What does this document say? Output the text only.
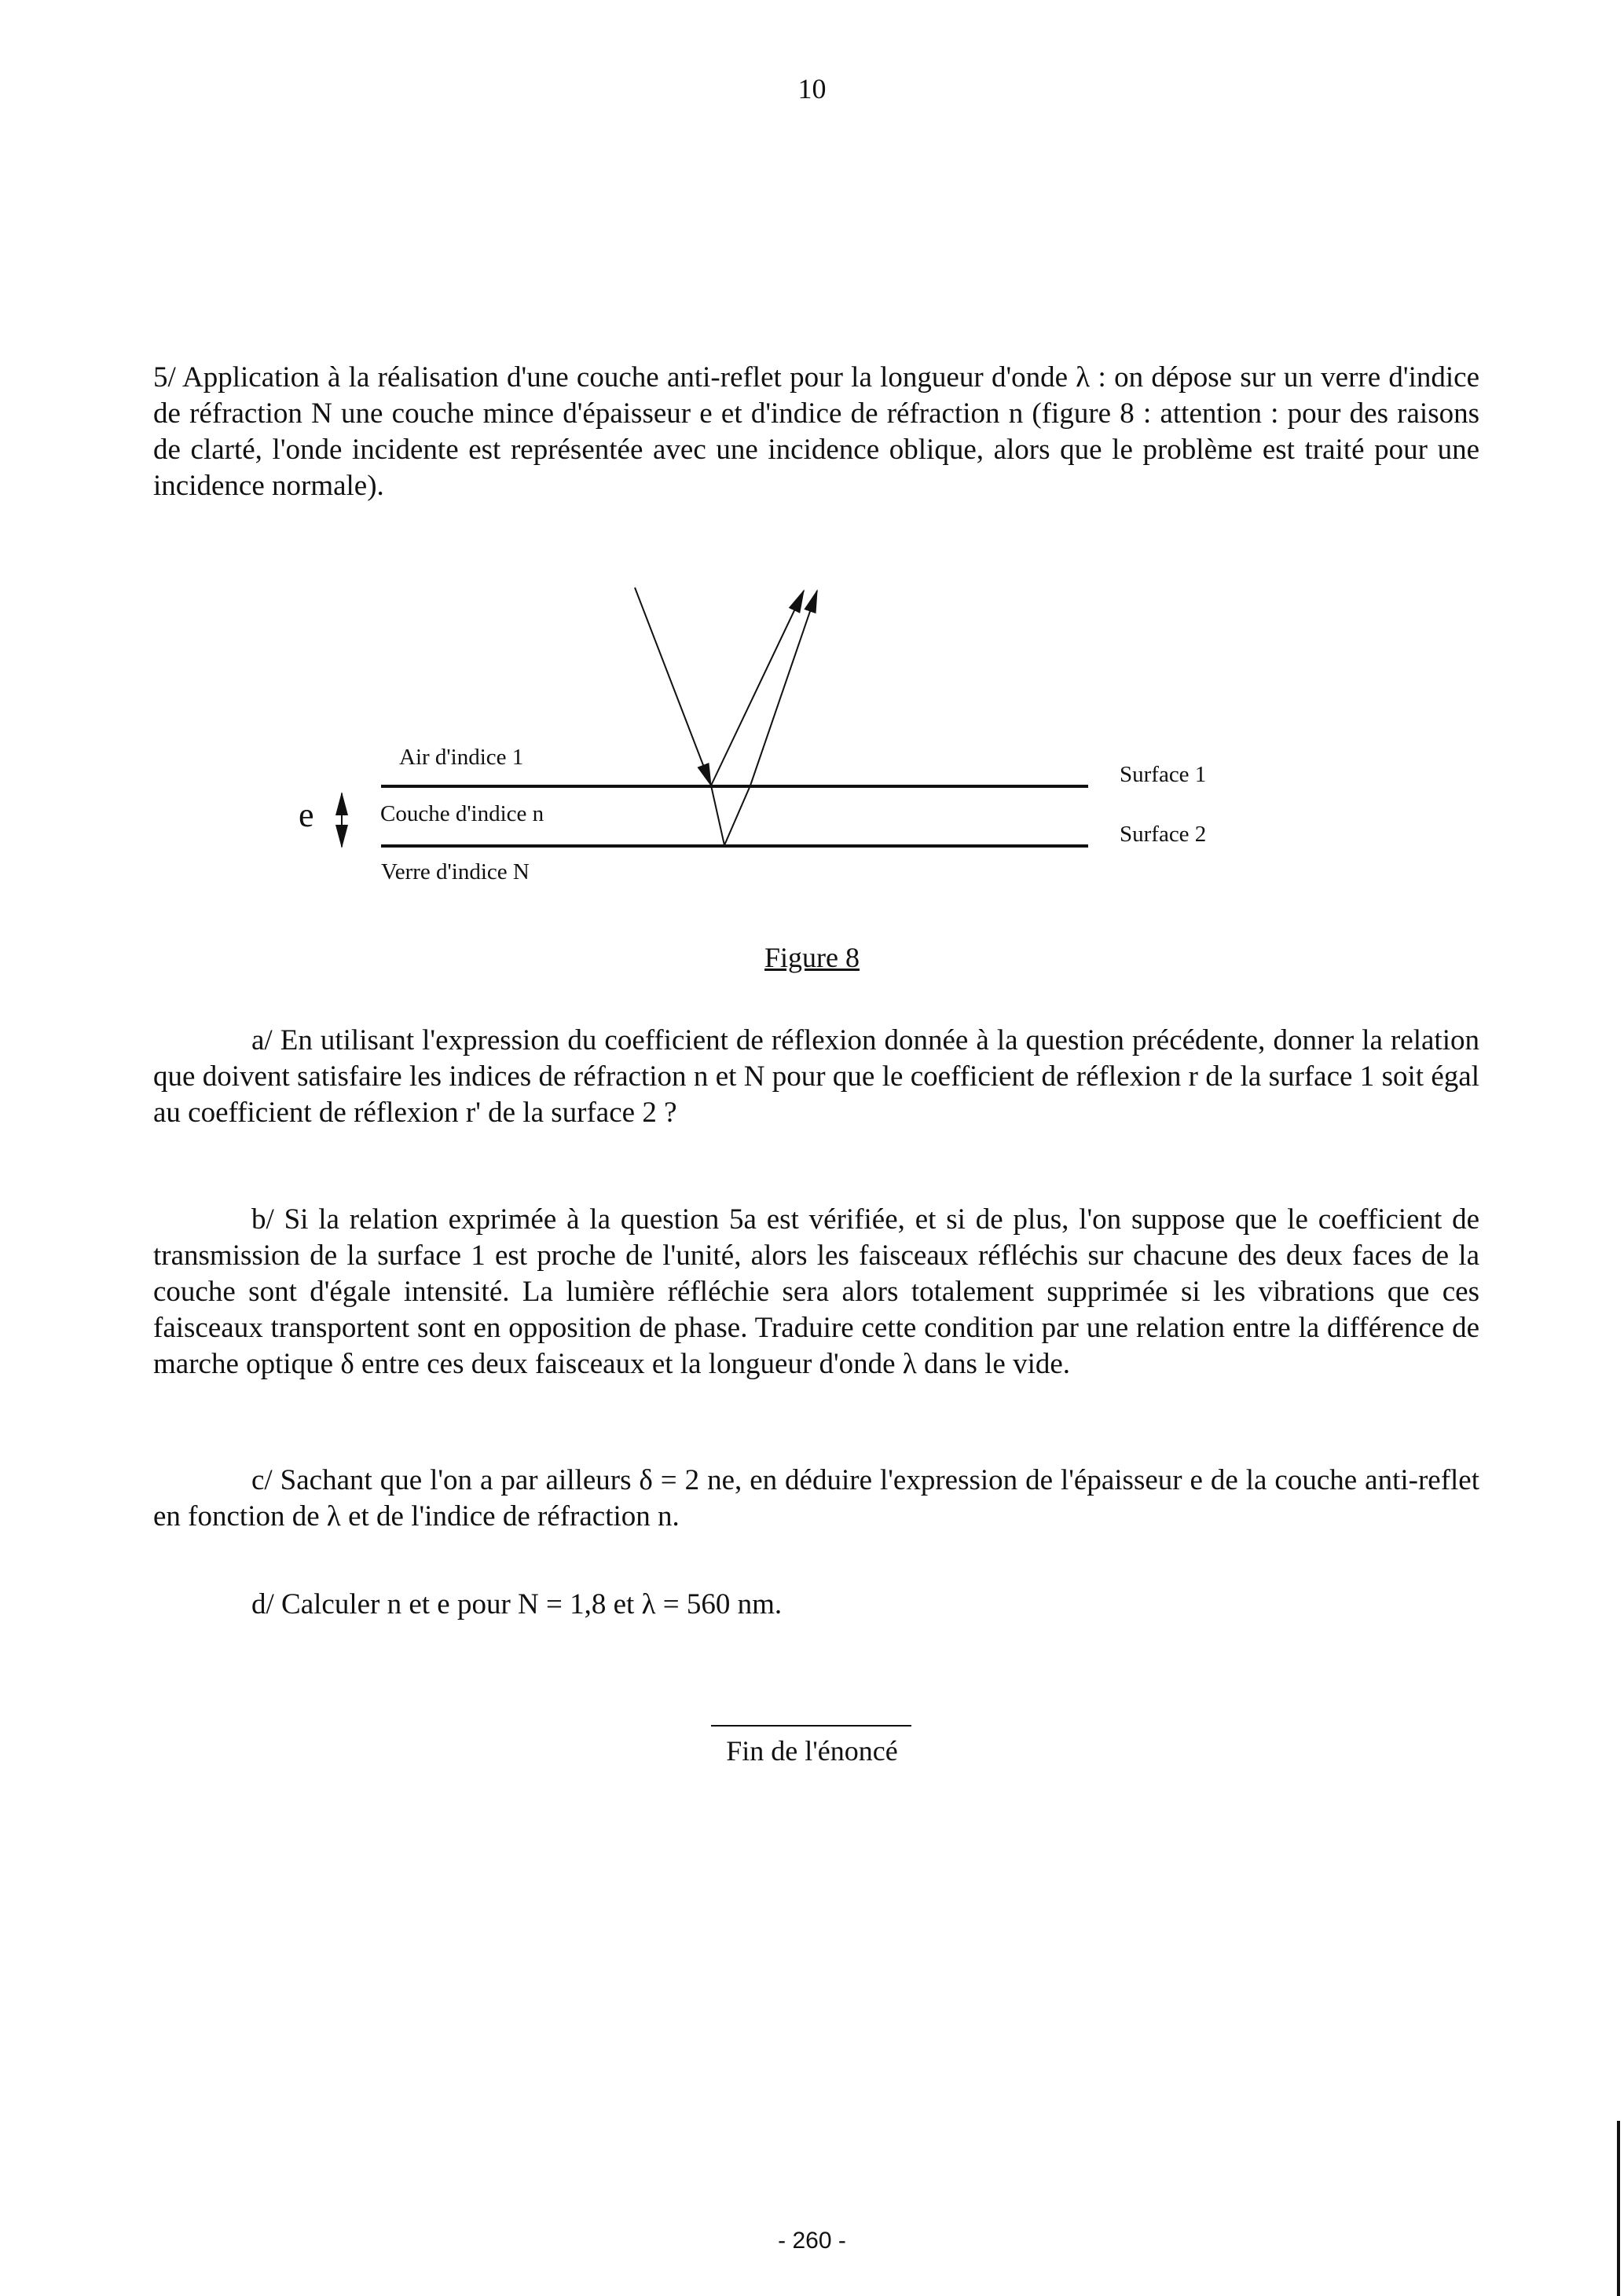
10
5/ Application à la réalisation d'une couche anti-reflet pour la longueur d'onde λ : on dépose sur un verre d'indice de réfraction N une couche mince d'épaisseur e et d'indice de réfraction n (figure 8 : attention : pour des raisons de clarté, l'onde incidente est représentée avec une incidence oblique, alors que le problème est traité pour une incidence normale).
Air d'indice 1
Surface 1
e	Couche d'indice n
Surface 2
Verre d'indice N
Figure 8
a/ En utilisant l'expression du coefficient de réflexion donnée à la question précédente, donner la relation que doivent satisfaire les indices de réfraction n et N pour que le coefficient de réflexion r de la surface 1 soit égal au coefficient de réflexion r' de la surface 2 ?
b/ Si la relation exprimée à la question 5a est vérifiée, et si de plus, l'on suppose que le coefficient de transmission de la surface 1 est proche de l'unité, alors les faisceaux réfléchis sur chacune des deux faces de la couche sont d'égale intensité. La lumière réfléchie sera alors totalement supprimée si les vibrations que ces faisceaux transportent sont en opposition de phase. Traduire cette condition par une relation entre la différence de marche optique δ entre ces deux faisceaux et la longueur d'onde λ dans le vide.
c/ Sachant que l'on a par ailleurs δ = 2 ne, en déduire l'expression de l'épaisseur e de la couche anti-reflet en fonction de λ et de l'indice de réfraction n.
d/ Calculer n et e pour N = 1,8 et λ = 560 nm.
Fin de l'énoncé
- 260 -
